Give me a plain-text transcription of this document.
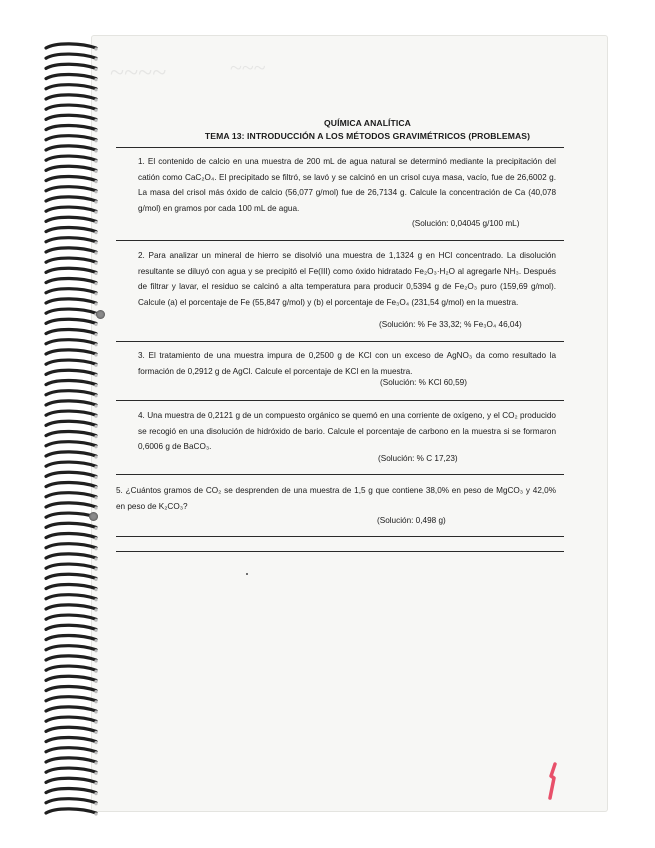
~~~~	~~~
QUÍMICA ANALÍTICA
TEMA 13: INTRODUCCIÓN A LOS MÉTODOS GRAVIMÉTRICOS (PROBLEMAS)
1. El contenido de calcio en una muestra de 200 mL de agua natural se determinó mediante la precipitación del catión como CaC₂O₄. El precipitado se filtró, se lavó y se calcinó en un crisol cuya masa, vacío, fue de 26,6002 g. La masa del crisol más óxido de calcio (56,077 g/mol) fue de 26,7134 g. Calcule la concentración de Ca (40,078 g/mol) en gramos por cada 100 mL de agua.
(Solución: 0,04045 g/100 mL)
2. Para analizar un mineral de hierro se disolvió una muestra de 1,1324 g en HCl concentrado. La disolución resultante se diluyó con agua y se precipitó el Fe(III) como óxido hidratado Fe₂O₃·H₂O al agregarle NH₃. Después de filtrar y lavar, el residuo se calcinó a alta temperatura para producir 0,5394 g de Fe₂O₃ puro (159,69 g/mol). Calcule (a) el porcentaje de Fe (55,847 g/mol) y (b) el porcentaje de Fe₃O₄ (231,54 g/mol) en la muestra.
(Solución: % Fe 33,32; % Fe₃O₄ 46,04)
3. El tratamiento de una muestra impura de 0,2500 g de KCl con un exceso de AgNO₃ da como resultado la formación de 0,2912 g de AgCl. Calcule el porcentaje de KCl en la muestra.
(Solución: % KCl 60,59)
4. Una muestra de 0,2121 g de un compuesto orgánico se quemó en una corriente de oxígeno, y el CO₂ producido se recogió en una disolución de hidróxido de bario. Calcule el porcentaje de carbono en la muestra si se formaron 0,6006 g de BaCO₃.
(Solución: % C 17,23)
5. ¿Cuántos gramos de CO₂ se desprenden de una muestra de 1,5 g que contiene 38,0% en peso de MgCO₃ y 42,0% en peso de K₂CO₃?
(Solución: 0,498 g)
